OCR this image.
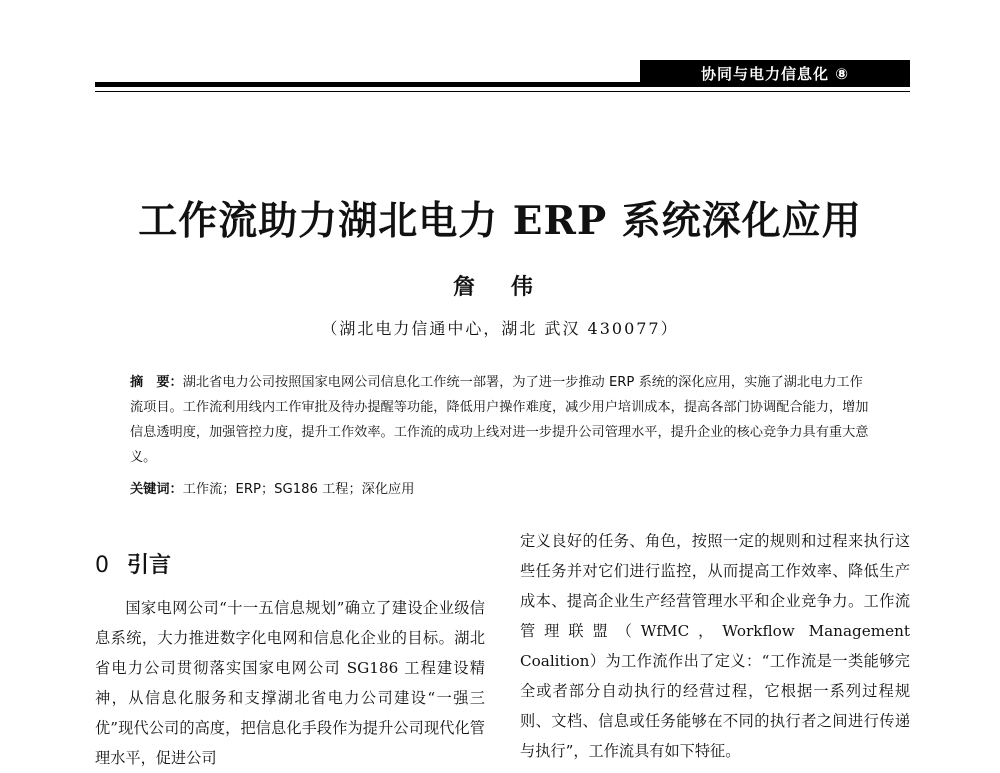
协同与电力信息化 ⑧
工作流助力湖北电力 ERP 系统深化应用
詹 伟
（湖北电力信通中心，湖北 武汉 430077）
摘　要：湖北省电力公司按照国家电网公司信息化工作统一部署，为了进一步推动 ERP 系统的深化应用，实施了湖北电力工作流项目。工作流利用线内工作审批及待办提醒等功能，降低用户操作难度，减少用户培训成本，提高各部门协调配合能力，增加信息透明度，加强管控力度，提升工作效率。工作流的成功上线对进一步提升公司管理水平，提升企业的核心竞争力具有重大意义。
关键词：工作流；ERP；SG186 工程；深化应用
0 引言
国家电网公司“十一五信息规划”确立了建设企业级信息系统，大力推进数字化电网和信息化企业的目标。湖北省电力公司贯彻落实国家电网公司 SG186 工程建设精神，从信息化服务和支撑湖北省电力公司建设“一强三优”现代公司的高度，把信息化手段作为提升公司现代化管理水平，促进公司
定义良好的任务、角色，按照一定的规则和过程来执行这些任务并对它们进行监控，从而提高工作效率、降低生产成本、提高企业生产经营管理水平和企业竞争力。工作流管理联盟（WfMC，Workflow Management Coalition）为工作流作出了定义：“工作流是一类能够完全或者部分自动执行的经营过程，它根据一系列过程规则、文档、信息或任务能够在不同的执行者之间进行传递与执行”，工作流具有如下特征。
